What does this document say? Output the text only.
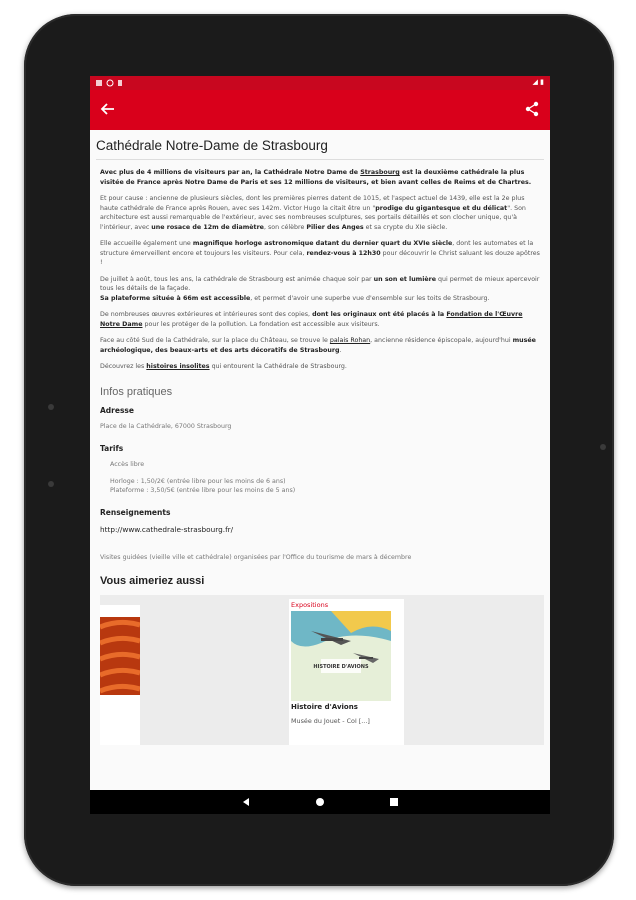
◢ ▮
Cathédrale Notre-Dame de Strasbourg

Avec plus de 4 millions de visiteurs par an, la Cathédrale Notre Dame de Strasbourg est la deuxième cathédrale la plus visitée de France après Notre Dame de Paris et ses 12 millions de visiteurs, et bien avant celles de Reims et de Chartres.

Et pour cause : ancienne de plusieurs siècles, dont les premières pierres datent de 1015, et l'aspect actuel de 1439, elle est la 2e plus haute cathédrale de France après Rouen, avec ses 142m. Victor Hugo la citait être un "prodige du gigantesque et du délicat". Son architecture est aussi remarquable de l'extérieur, avec ses nombreuses sculptures, ses portails détaillés et son clocher unique, qu'à l'intérieur, avec une rosace de 12m de diamètre, son célèbre Pilier des Anges et sa crypte du XIe siècle.

Elle accueille également une magnifique horloge astronomique datant du dernier quart du XVIe siècle, dont les automates et la structure émerveillent encore et toujours les visiteurs. Pour cela, rendez-vous à 12h30 pour découvrir le Christ saluant les douze apôtres !

De juillet à août, tous les ans, la cathédrale de Strasbourg est animée chaque soir par un son et lumière qui permet de mieux apercevoir tous les détails de la façade.

Sa plateforme située à 66m est accessible, et permet d'avoir une superbe vue d'ensemble sur les toits de Strasbourg.

De nombreuses œuvres extérieures et intérieures sont des copies, dont les originaux ont été placés à la Fondation de l'Œuvre Notre Dame pour les protéger de la pollution. La fondation est accessible aux visiteurs.

Face au côté Sud de la Cathédrale, sur la place du Château, se trouve le palais Rohan, ancienne résidence épiscopale, aujourd'hui musée archéologique, des beaux-arts et des arts décoratifs de Strasbourg.

Découvrez les histoires insolites qui entourent la Cathédrale de Strasbourg.

Infos pratiques
Adresse
Place de la Cathédrale, 67000 Strasbourg
Tarifs
Accès libre
Horloge : 1,50/2€ (entrée libre pour les moins de 6 ans)
Plateforme : 3,50/5€ (entrée libre pour les moins de 5 ans)
Renseignements
http://www.cathedrale-strasbourg.fr/
Visites guidées (vieille ville et cathédrale) organisées par l'Office du tourisme de mars à décembre
Vous aimeriez aussi
Expositions
HISTOIRE D'AVIONS
Histoire d'Avions
Musée du Jouet - Col [...]
